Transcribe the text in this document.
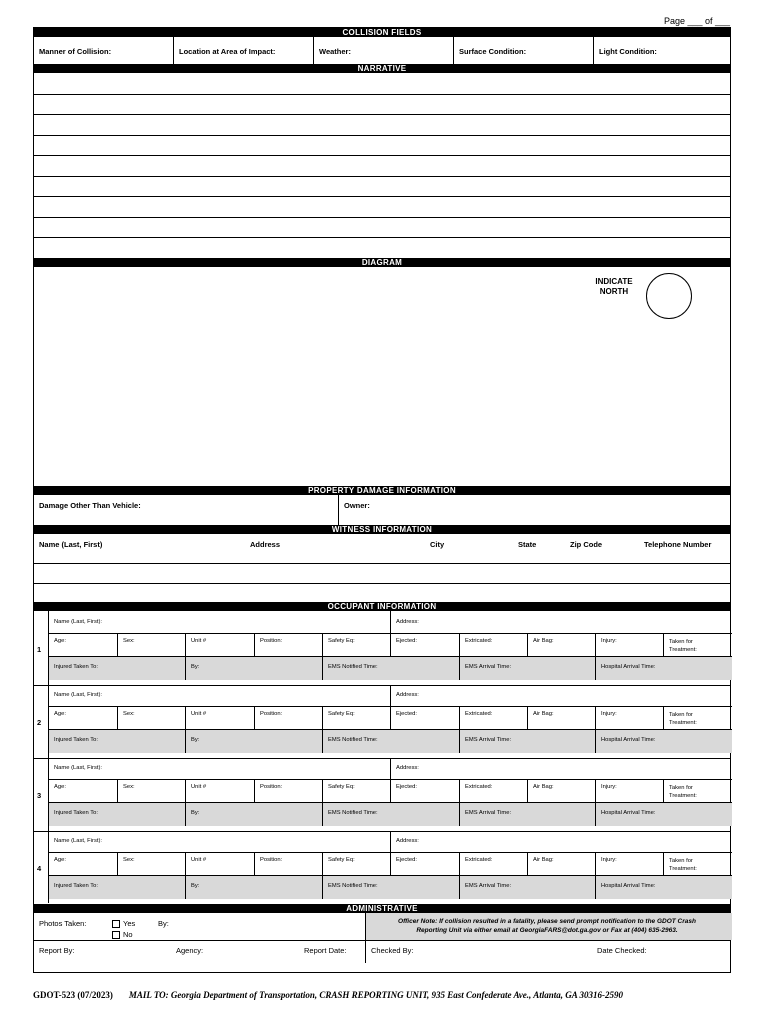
Page ___ of ___
COLLISION FIELDS
Manner of Collision:	Location at Area of Impact:	Weather:	Surface Condition:	Light Condition:
NARRATIVE
DIAGRAM
INDICATE
NORTH
PROPERTY DAMAGE INFORMATION
Damage Other Than Vehicle:	Owner:
WITNESS INFORMATION
Name (Last, First)	Address	City	State	Zip Code	Telephone Number
OCCUPANT INFORMATION
1
Name (Last, First):	Address:
Age:	Sex:	Unit #	Position:	Safety Eq:	Ejected:	Extricated:	Air Bag:	Injury:	Taken for
Treatment:
Injured Taken To:	By:	EMS Notified Time:	EMS Arrival Time:	Hospital Arrival Time:
2
Name (Last, First):	Address:
Age:	Sex:	Unit #	Position:	Safety Eq:	Ejected:	Extricated:	Air Bag:	Injury:	Taken for
Treatment:
Injured Taken To:	By:	EMS Notified Time:	EMS Arrival Time:	Hospital Arrival Time:
3
Name (Last, First):	Address:
Age:	Sex:	Unit #	Position:	Safety Eq:	Ejected:	Extricated:	Air Bag:	Injury:	Taken for
Treatment:
Injured Taken To:	By:	EMS Notified Time:	EMS Arrival Time:	Hospital Arrival Time:
4
Name (Last, First):	Address:
Age:	Sex:	Unit #	Position:	Safety Eq:	Ejected:	Extricated:	Air Bag:	Injury:	Taken for
Treatment:
Injured Taken To:	By:	EMS Notified Time:	EMS Arrival Time:	Hospital Arrival Time:
ADMINISTRATIVE
Photos Taken:	Yes
No
By:	Officer Note: If collision resulted in a fatality, please send prompt notification to the GDOT Crash
Reporting Unit via either email at GeorgiaFARS@dot.ga.gov or Fax at (404) 635-2963.
Report By:	Agency:	Report Date:	Checked By:	Date Checked:
GDOT-523 (07/2023) MAIL TO: Georgia Department of Transportation, CRASH REPORTING UNIT, 935 East Confederate Ave., Atlanta, GA 30316-2590
